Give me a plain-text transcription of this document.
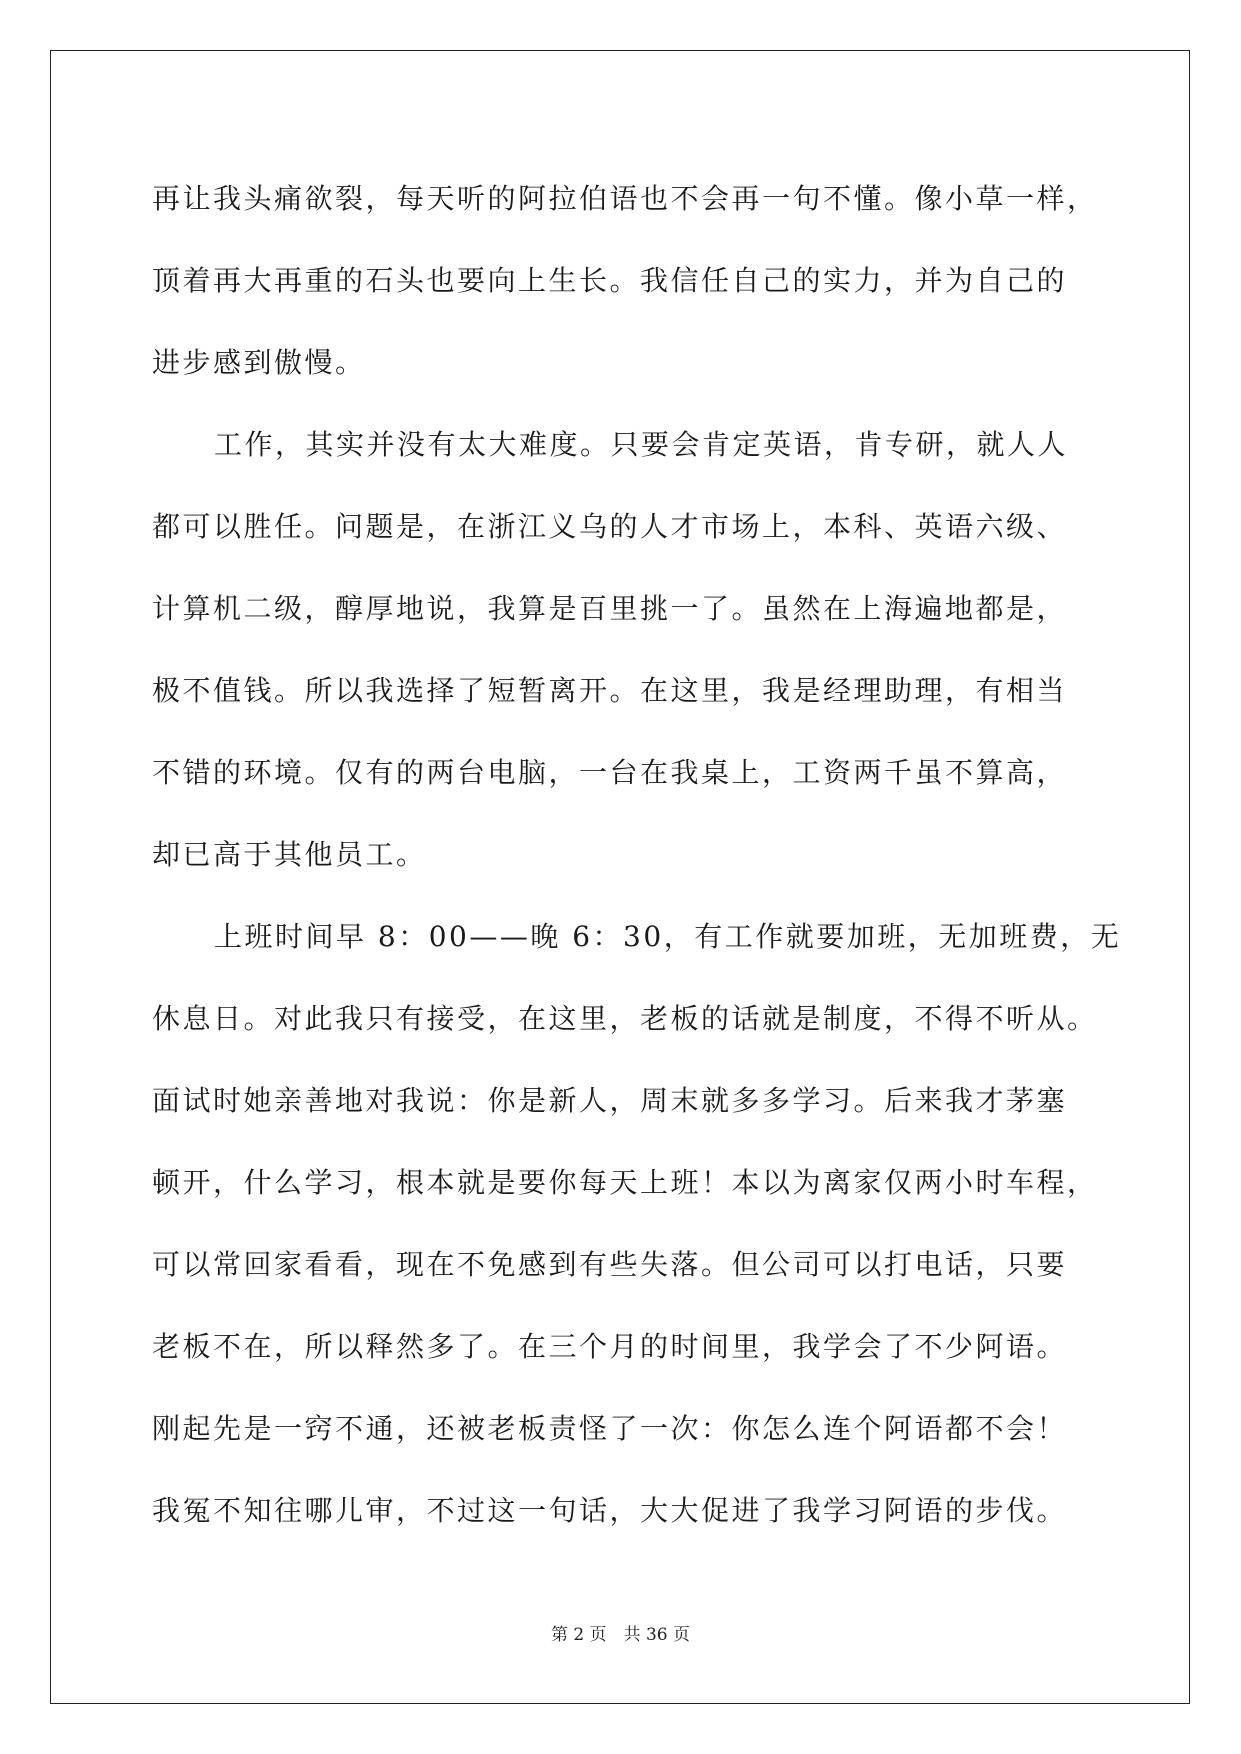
再让我头痛欲裂，每天听的阿拉伯语也不会再一句不懂。像小草一样，
顶着再大再重的石头也要向上生长。我信任自己的实力，并为自己的
进步感到傲慢。

工作，其实并没有太大难度。只要会肯定英语，肯专研，就人人
都可以胜任。问题是，在浙江义乌的人才市场上，本科、英语六级、
计算机二级，醇厚地说，我算是百里挑一了。虽然在上海遍地都是，
极不值钱。所以我选择了短暂离开。在这里，我是经理助理，有相当
不错的环境。仅有的两台电脑，一台在我桌上，工资两千虽不算高，
却已高于其他员工。

上班时间早 8：00——晚 6：30，有工作就要加班，无加班费，无
休息日。对此我只有接受，在这里，老板的话就是制度，不得不听从。
面试时她亲善地对我说：你是新人，周末就多多学习。后来我才茅塞
顿开，什么学习，根本就是要你每天上班！本以为离家仅两小时车程，
可以常回家看看，现在不免感到有些失落。但公司可以打电话，只要
老板不在，所以释然多了。在三个月的时间里，我学会了不少阿语。
刚起先是一窍不通，还被老板责怪了一次：你怎么连个阿语都不会！
我冤不知往哪儿审，不过这一句话，大大促进了我学习阿语的步伐。

第 2 页　共 36 页
